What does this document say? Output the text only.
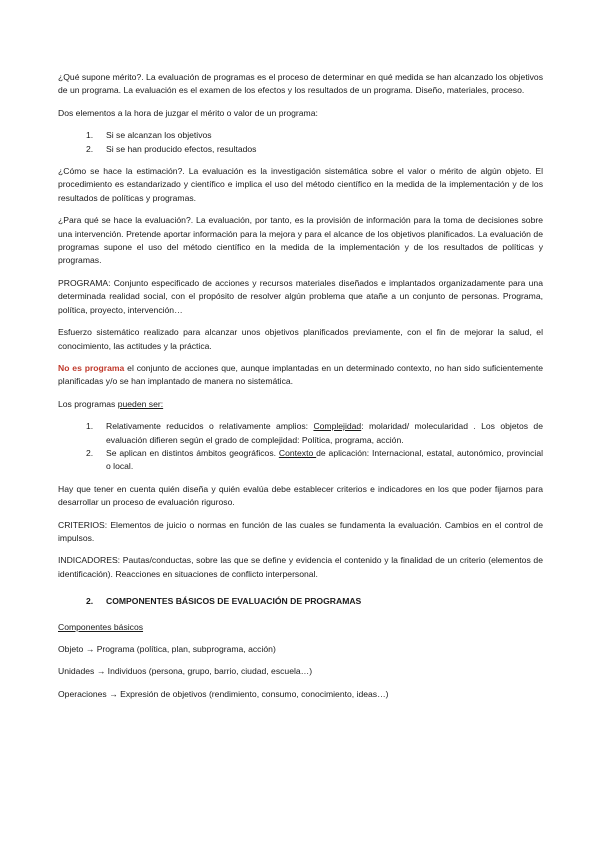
¿Qué supone mérito?. La evaluación de programas es el proceso de determinar en qué medida se han alcanzado los objetivos de un programa. La evaluación es el examen de los efectos y los resultados de un programa. Diseño, materiales, proceso.

Dos elementos a la hora de juzgar el mérito o valor de un programa:

1. Si se alcanzan los objetivos
2. Si se han producido efectos, resultados

¿Cómo se hace la estimación?. La evaluación es la investigación sistemática sobre el valor o mérito de algún objeto. El procedimiento es estandarizado y científico e implica el uso del método científico en la medida de la implementación y de los resultados de políticas y programas.

¿Para qué se hace la evaluación?. La evaluación, por tanto, es la provisión de información para la toma de decisiones sobre una intervención. Pretende aportar información para la mejora y para el alcance de los objetivos planificados. La evaluación de programas supone el uso del método científico en la medida de la implementación y de los resultados de políticas y programas.

PROGRAMA: Conjunto especificado de acciones y recursos materiales diseñados e implantados organizadamente para una determinada realidad social, con el propósito de resolver algún problema que atañe a un conjunto de personas. Programa, política, proyecto, intervención…

Esfuerzo sistemático realizado para alcanzar unos objetivos planificados previamente, con el fin de mejorar la salud, el conocimiento, las actitudes y la práctica.

No es programa el conjunto de acciones que, aunque implantadas en un determinado contexto, no han sido suficientemente planificadas y/o se han implantado de manera no sistemática.

Los programas pueden ser:

1. Relativamente reducidos o relativamente amplios: Complejidad: molaridad/ molecularidad . Los objetos de evaluación difieren según el grado de complejidad: Política, programa, acción.
2. Se aplican en distintos ámbitos geográficos. Contexto de aplicación: Internacional, estatal, autonómico, provincial o local.

Hay que tener en cuenta quién diseña y quién evalúa debe establecer criterios e indicadores en los que poder fijarnos para desarrollar un proceso de evaluación riguroso.

CRITERIOS: Elementos de juicio o normas en función de las cuales se fundamenta la evaluación. Cambios en el control de impulsos.

INDICADORES: Pautas/conductas, sobre las que se define y evidencia el contenido y la finalidad de un criterio (elementos de identificación). Reacciones en situaciones de conflicto interpersonal.

2. COMPONENTES BÁSICOS DE EVALUACIÓN DE PROGRAMAS

Componentes básicos

Objeto → Programa (política, plan, subprograma, acción)

Unidades → Individuos (persona, grupo, barrio, ciudad, escuela…)

Operaciones → Expresión de objetivos (rendimiento, consumo, conocimiento, ideas…)
